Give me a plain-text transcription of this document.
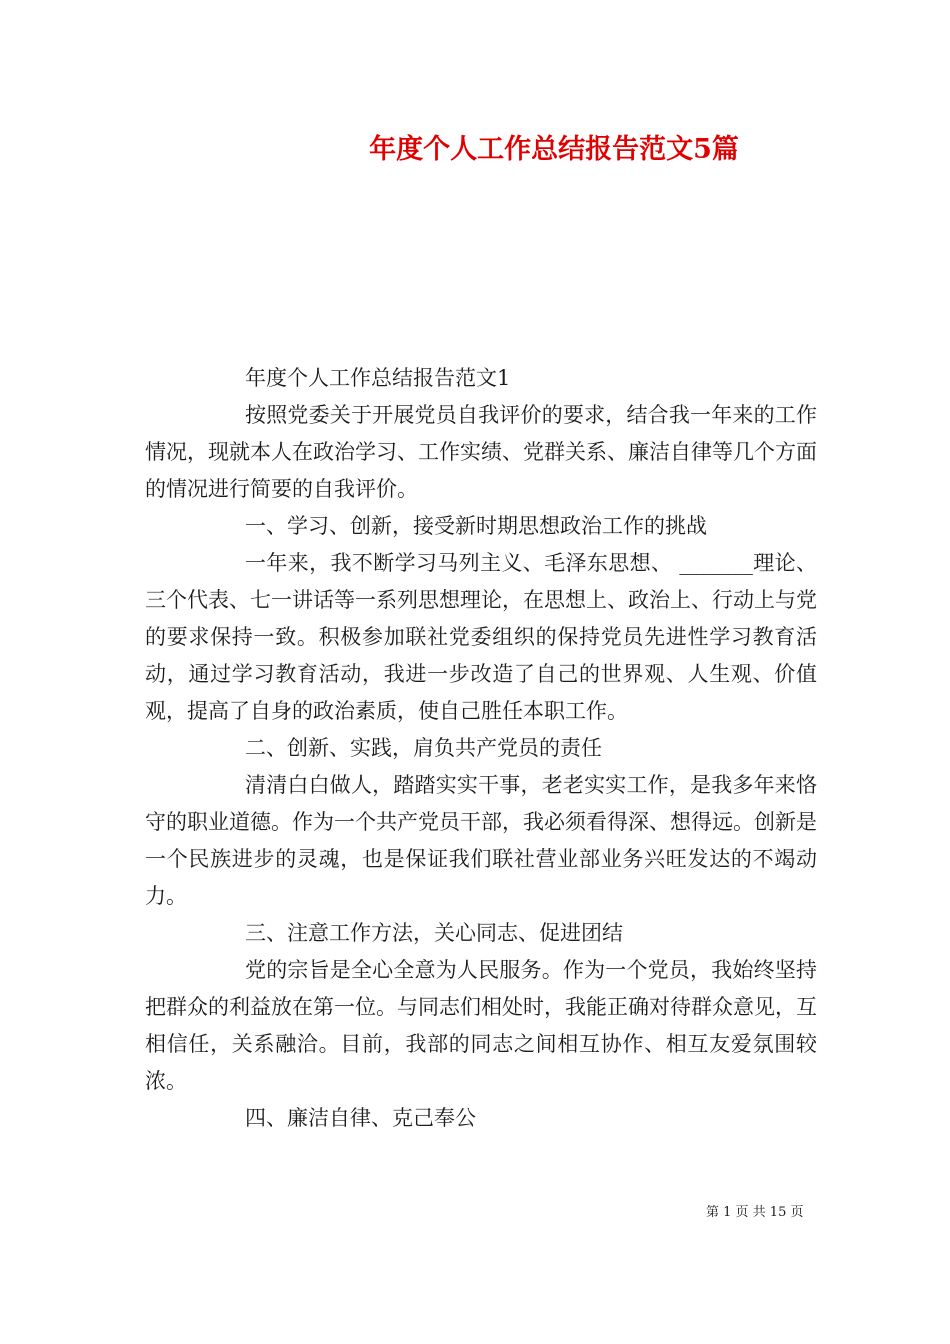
年度个人工作总结报告范文5篇

年度个人工作总结报告范文1

按照党委关于开展党员自我评价的要求，结合我一年来的工作情况，现就本人在政治学习、工作实绩、党群关系、廉洁自律等几个方面的情况进行简要的自我评价。

一、学习、创新，接受新时期思想政治工作的挑战

一年来，我不断学习马列主义、毛泽东思想、 _______理论、三个代表、七一讲话等一系列思想理论，在思想上、政治上、行动上与党的要求保持一致。积极参加联社党委组织的保持党员先进性学习教育活动，通过学习教育活动，我进一步改造了自己的世界观、人生观、价值观，提高了自身的政治素质，使自己胜任本职工作。

二、创新、实践，肩负共产党员的责任

清清白白做人，踏踏实实干事，老老实实工作，是我多年来恪守的职业道德。作为一个共产党员干部，我必须看得深、想得远。创新是一个民族进步的灵魂，也是保证我们联社营业部业务兴旺发达的不竭动力。

三、注意工作方法，关心同志、促进团结

党的宗旨是全心全意为人民服务。作为一个党员，我始终坚持把群众的利益放在第一位。与同志们相处时，我能正确对待群众意见，互相信任，关系融洽。目前，我部的同志之间相互协作、相互友爱氛围较浓。

四、廉洁自律、克己奉公

第 1 页 共 15 页
